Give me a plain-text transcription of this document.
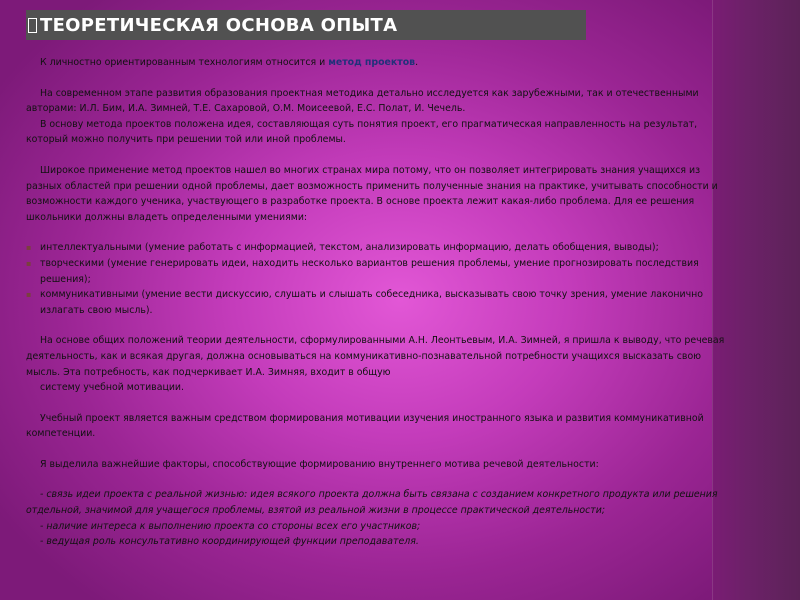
ТЕОРЕТИЧЕСКАЯ ОСНОВА ОПЫТА

К личностно ориентированным технологиям относится и метод проектов.

На современном этапе развития образования проектная методика детально исследуется как зарубежными, так и отечественными авторами: И.Л. Бим, И.А. Зимней, Т.Е. Сахаровой, О.М. Моисеевой, Е.С. Полат, И. Чечель.

В основу метода проектов положена идея, составляющая суть понятия проект, его прагматическая направленность на результат, который можно получить при решении той или иной проблемы.

Широкое применение метод проектов нашел во многих странах мира потому, что он позволяет интегрировать знания учащихся из разных областей при решении одной проблемы, дает возможность применить полученные знания на практике, учитывать способности и возможности каждого ученика, участвующего в разработке проекта. В основе проекта лежит какая-либо проблема. Для ее решения школьники должны владеть определенными умениями:

▪ интеллектуальными (умение работать с информацией, текстом, анализировать информацию, делать обобщения, выводы);
▪ творческими (умение генерировать идеи, находить несколько вариантов решения проблемы, умение прогнозировать последствия решения);
▪ коммуникативными (умение вести дискуссию, слушать и слышать собеседника, высказывать свою точку зрения, умение лаконично излагать свою мысль).

На основе общих положений теории деятельности, сформулированными А.Н. Леонтьевым, И.А. Зимней, я пришла к выводу, что речевая деятельность, как и всякая другая, должна основываться на коммуникативно-познавательной потребности учащихся высказать свою мысль. Эта потребность, как подчеркивает И.А. Зимняя, входит в общую

систему учебной мотивации.

Учебный проект является важным средством формирования мотивации изучения иностранного языка и развития коммуникативной компетенции.

Я выделила важнейшие факторы, способствующие формированию внутреннего мотива речевой деятельности:

- связь идеи проекта с реальной жизнью: идея всякого проекта должна быть связана с созданием конкретного продукта или решения отдельной, значимой для учащегося проблемы, взятой из реальной жизни в процессе практической деятельности;

- наличие интереса к выполнению проекта со стороны всех его участников;

- ведущая роль консультативно координирующей функции преподавателя.
